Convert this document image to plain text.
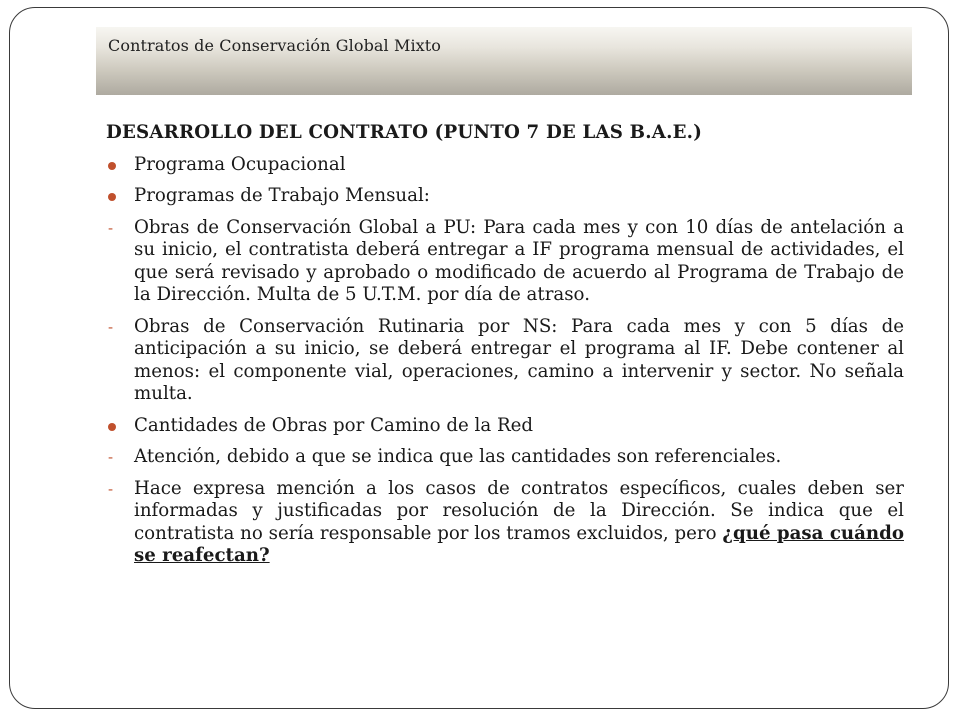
Contratos de Conservación Global Mixto
DESARROLLO DEL CONTRATO (PUNTO 7 DE LAS B.A.E.)
Programa Ocupacional
Programas de Trabajo Mensual:
- Obras de Conservación Global a PU: Para cada mes y con 10 días de antelación a su inicio, el contratista deberá entregar a IF programa mensual de actividades, el que será revisado y aprobado o modificado de acuerdo al Programa de Trabajo de la Dirección. Multa de 5 U.T.M. por día de atraso.
- Obras de Conservación Rutinaria por NS: Para cada mes y con 5 días de anticipación a su inicio, se deberá entregar el programa al IF. Debe contener al menos: el componente vial, operaciones, camino a intervenir y sector. No señala multa.
Cantidades de Obras por Camino de la Red
- Atención, debido a que se indica que las cantidades son referenciales.
- Hace expresa mención a los casos de contratos específicos, cuales deben ser informadas y justificadas por resolución de la Dirección. Se indica que el contratista no sería responsable por los tramos excluidos, pero ¿qué pasa cuándo se reafectan?
